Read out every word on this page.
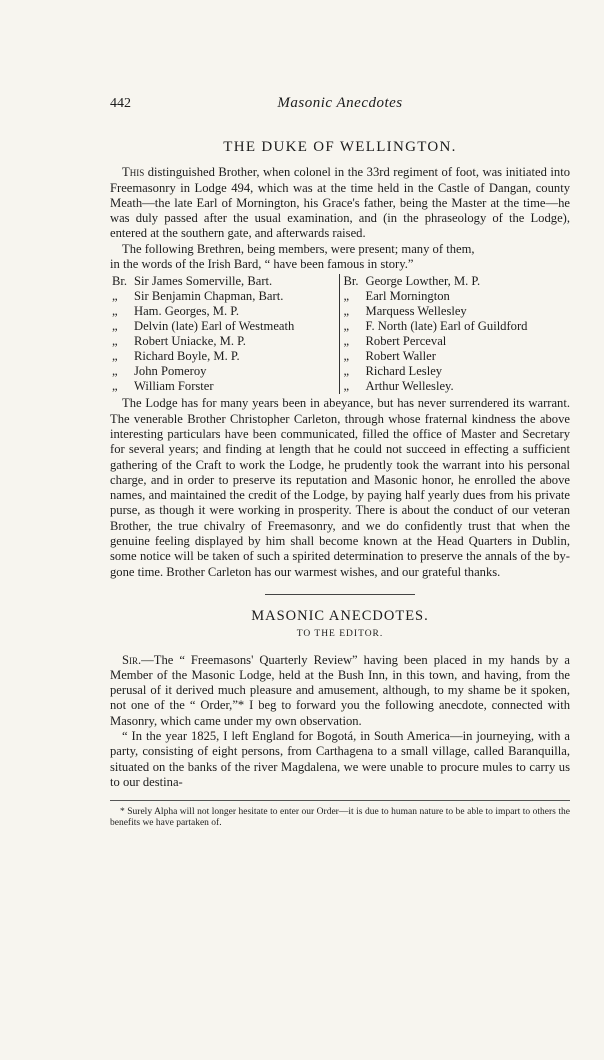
442	Masonic Anecdotes
THE DUKE OF WELLINGTON.

This distinguished Brother, when colonel in the 33rd regiment of foot, was initiated into Freemasonry in Lodge 494, which was at the time held in the Castle of Dangan, county Meath—the late Earl of Mornington, his Grace's father, being the Master at the time—he was duly passed after the usual examination, and (in the phraseology of the Lodge), entered at the southern gate, and afterwards raised.

The following Brethren, being members, were present; many of them,

in the words of the Irish Bard, “ have been famous in story.”

Br. Sir James Somerville, Bart.
„ Sir Benjamin Chapman, Bart.
„ Ham. Georges, M. P.
„ Delvin (late) Earl of Westmeath
„ Robert Uniacke, M. P.
„ Richard Boyle, M. P.
„ John Pomeroy
„ William Forster
Br. George Lowther, M. P.
„ Earl Mornington
„ Marquess Wellesley
„ F. North (late) Earl of Guildford
„ Robert Perceval
„ Robert Waller
„ Richard Lesley
„ Arthur Wellesley.

The Lodge has for many years been in abeyance, but has never surrendered its warrant. The venerable Brother Christopher Carleton, through whose fraternal kindness the above interesting particulars have been communicated, filled the office of Master and Secretary for several years; and finding at length that he could not succeed in effecting a sufficient gathering of the Craft to work the Lodge, he prudently took the warrant into his personal charge, and in order to preserve its reputation and Masonic honor, he enrolled the above names, and maintained the credit of the Lodge, by paying half yearly dues from his private purse, as though it were working in prosperity. There is about the conduct of our veteran Brother, the true chivalry of Freemasonry, and we do confidently trust that when the genuine feeling displayed by him shall become known at the Head Quarters in Dublin, some notice will be taken of such a spirited determination to preserve the annals of the by-gone time. Brother Carleton has our warmest wishes, and our grateful thanks.

MASONIC ANECDOTES.
TO THE EDITOR.

Sir.—The “ Freemasons' Quarterly Review” having been placed in my hands by a Member of the Masonic Lodge, held at the Bush Inn, in this town, and having, from the perusal of it derived much pleasure and amusement, although, to my shame be it spoken, not one of the “ Order,”* I beg to forward you the following anecdote, connected with Masonry, which came under my own observation.

“ In the year 1825, I left England for Bogotá, in South America—in journeying, with a party, consisting of eight persons, from Carthagena to a small village, called Baranquilla, situated on the banks of the river Magdalena, we were unable to procure mules to carry us to our destina-

* Surely Alpha will not longer hesitate to enter our Order—it is due to human nature to be able to impart to others the benefits we have partaken of.
